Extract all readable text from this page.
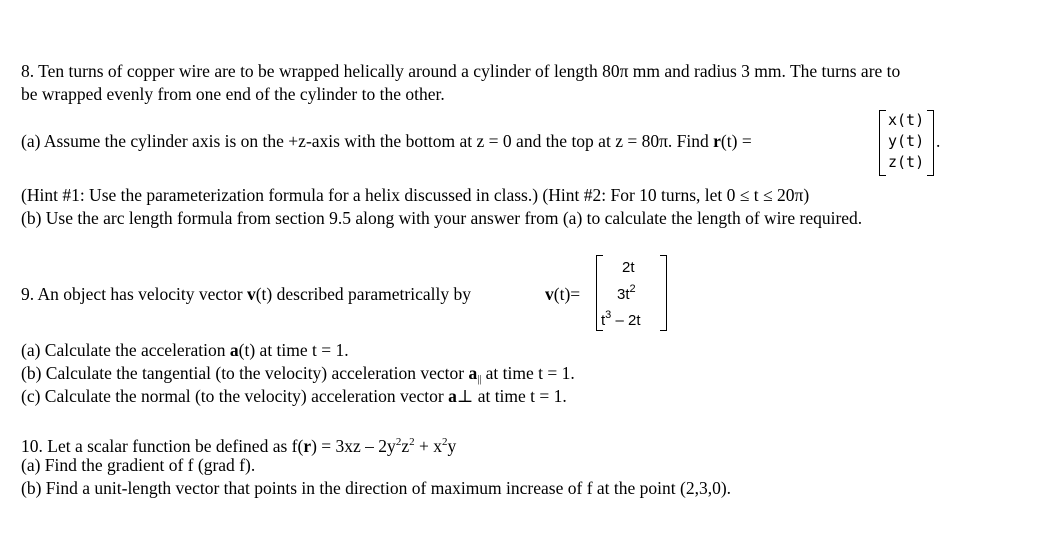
8. Ten turns of copper wire are to be wrapped helically around a cylinder of length 80π mm and radius 3 mm. The turns are to
be wrapped evenly from one end of the cylinder to the other.
(a) Assume the cylinder axis is on the +z-axis with the bottom at z = 0 and the top at z = 80π. Find r(t) =
x(t)
y(t)
z(t)
.
(Hint #1: Use the parameterization formula for a helix discussed in class.) (Hint #2: For 10 turns, let 0 ≤ t ≤ 20π)
(b) Use the arc length formula from section 9.5 along with your answer from (a) to calculate the length of wire required.
9. An object has velocity vector v(t) described parametrically by	v(t)=
2t
$3t^2$
$t^3 - 2t$
(a) Calculate the acceleration a(t) at time t = 1.
(b) Calculate the tangential (to the velocity) acceleration vector $a_{||}$ at time t = 1.
(c) Calculate the normal (to the velocity) acceleration vector a⊥ at time t = 1.
10. Let a scalar function be defined as $f(r) = 3xz - 2y^2z^2 + x^2y$
(a) Find the gradient of f (grad f).
(b) Find a unit-length vector that points in the direction of maximum increase of f at the point (2,3,0).
